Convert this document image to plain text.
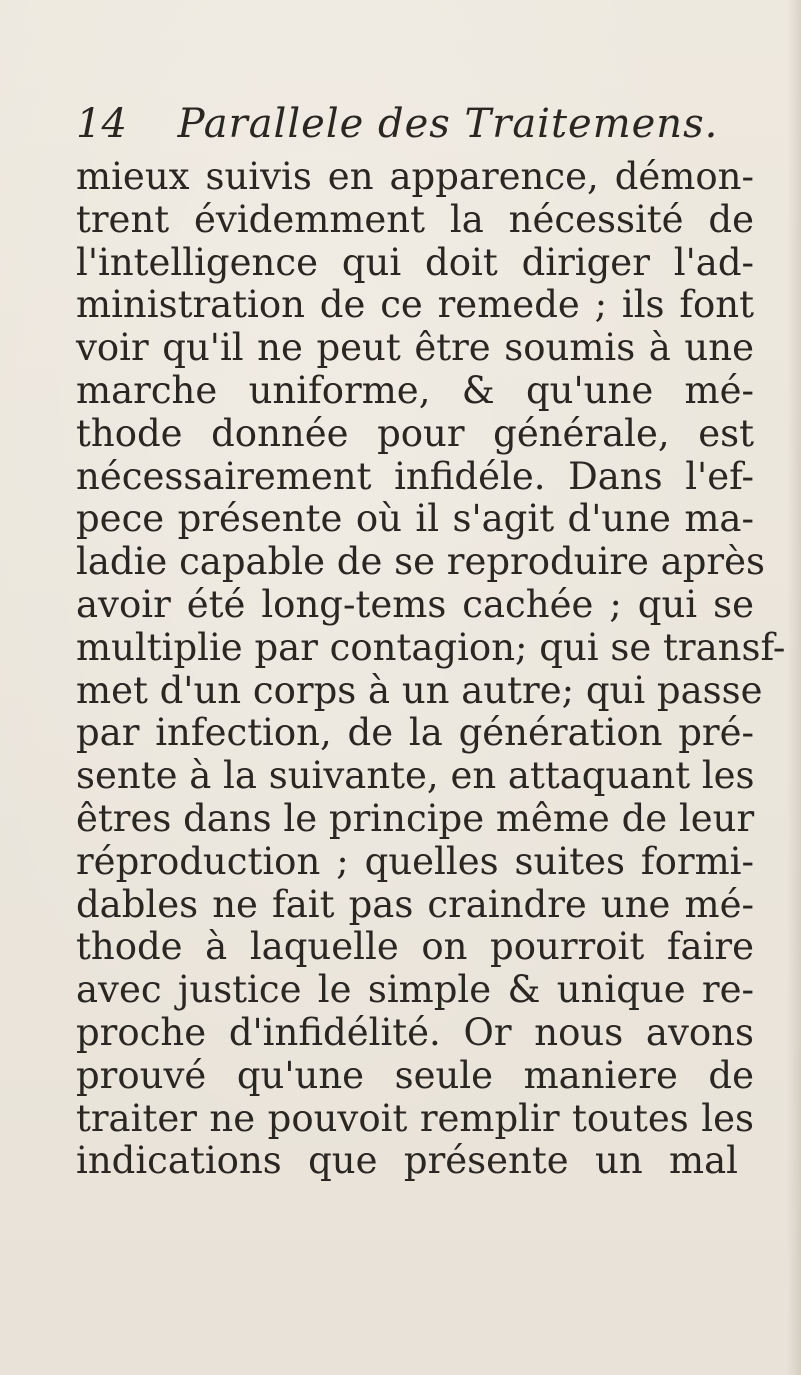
14 Parallele des Traitemens.
mieux suivis en apparence, démon-
trent évidemment la nécessité de
l'intelligence qui doit diriger l'ad-
ministration de ce remede ; ils font
voir qu'il ne peut être soumis à une
marche uniforme, & qu'une mé-
thode donnée pour générale, est
nécessairement infidéle. Dans l'ef-
pece présente où il s'agit d'une ma-
ladie capable de se reproduire après
avoir été long-tems cachée ; qui se
multiplie par contagion; qui se transf-
met d'un corps à un autre; qui passe
par infection, de la génération pré-
sente à la suivante, en attaquant les
êtres dans le principe même de leur
réproduction ; quelles suites formi-
dables ne fait pas craindre une mé-
thode à laquelle on pourroit faire
avec justice le simple & unique re-
proche d'infidélité. Or nous avons
prouvé qu'une seule maniere de
traiter ne pouvoit remplir toutes les
indications que présente un mal
